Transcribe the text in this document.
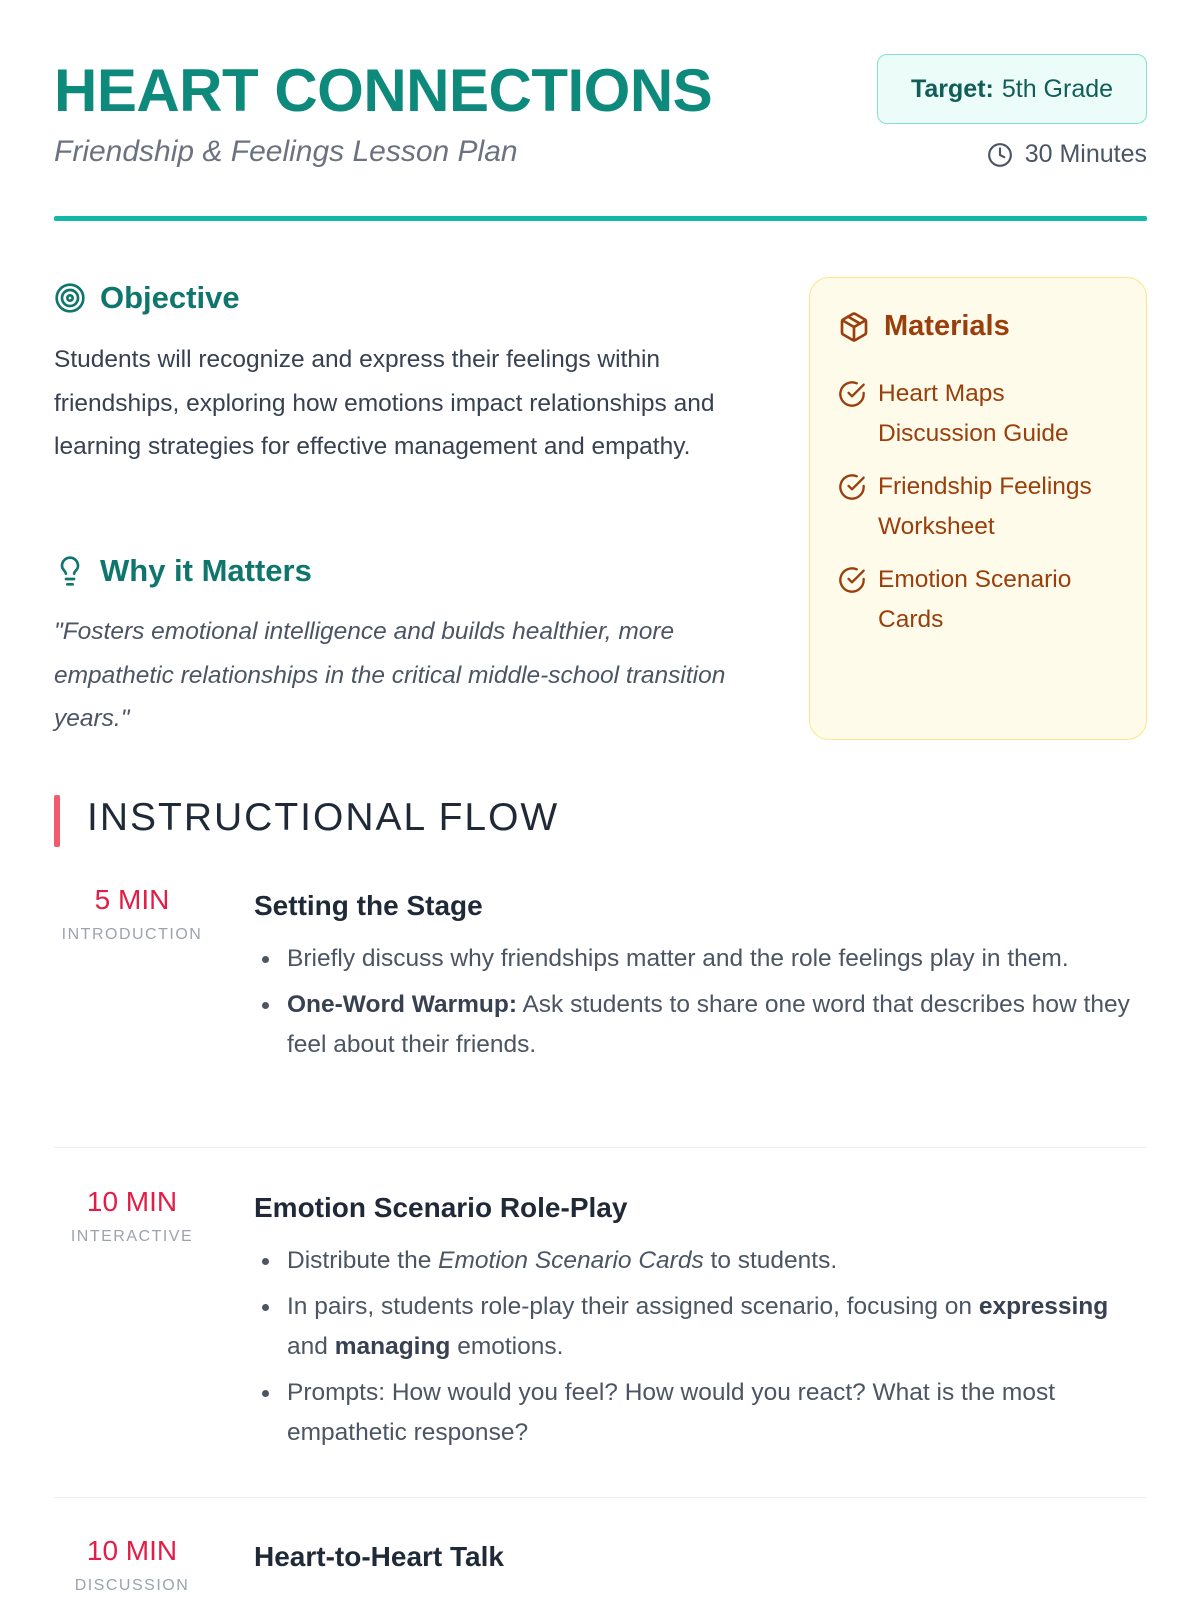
HEART CONNECTIONS
Friendship & Feelings Lesson Plan
Target: 5th Grade
30 Minutes
Objective

Students will recognize and express their feelings within friendships, exploring how emotions impact relationships and learning strategies for effective management and empathy.

Why it Matters

"Fosters emotional intelligence and builds healthier, more empathetic relationships in the critical middle-school transition years."

Materials
Heart Maps Discussion Guide
Friendship Feelings Worksheet
Emotion Scenario Cards
INSTRUCTIONAL FLOW
5 MIN
INTRODUCTION
Setting the Stage
Briefly discuss why friendships matter and the role feelings play in them.
One-Word Warmup: Ask students to share one word that describes how they feel about their friends.
10 MIN
INTERACTIVE
Emotion Scenario Role-Play
Distribute the Emotion Scenario Cards to students.
In pairs, students role-play their assigned scenario, focusing on expressing and managing emotions.
Prompts: How would you feel? How would you react? What is the most empathetic response?
10 MIN
DISCUSSION
Heart-to-Heart Talk
